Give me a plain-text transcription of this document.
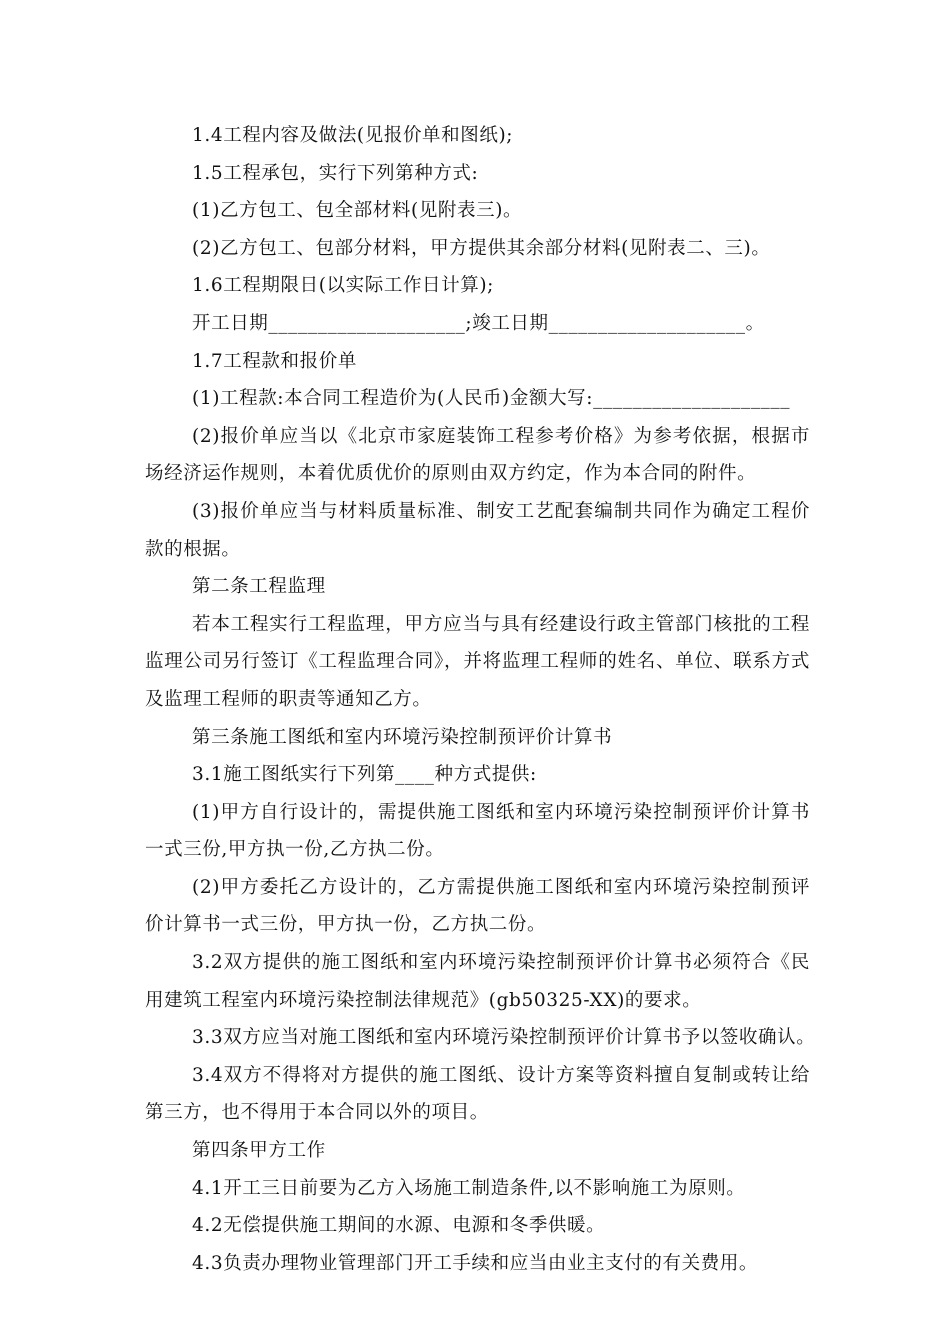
1.4工程内容及做法(见报价单和图纸);

1.5工程承包，实行下列第种方式:

(1)乙方包工、包全部材料(见附表三)。

(2)乙方包工、包部分材料，甲方提供其余部分材料(见附表二、三)。

1.6工程期限日(以实际工作日计算);

开工日期____________________;竣工日期____________________。

1.7工程款和报价单

(1)工程款:本合同工程造价为(人民币)金额大写:____________________

(2)报价单应当以《北京市家庭装饰工程参考价格》为参考依据，根据市场经济运作规则，本着优质优价的原则由双方约定，作为本合同的附件。

(3)报价单应当与材料质量标准、制安工艺配套编制共同作为确定工程价款的根据。

第二条工程监理

若本工程实行工程监理，甲方应当与具有经建设行政主管部门核批的工程监理公司另行签订《工程监理合同》，并将监理工程师的姓名、单位、联系方式及监理工程师的职责等通知乙方。

第三条施工图纸和室内环境污染控制预评价计算书

3.1施工图纸实行下列第____种方式提供:

(1)甲方自行设计的，需提供施工图纸和室内环境污染控制预评价计算书一式三份,甲方执一份,乙方执二份。

(2)甲方委托乙方设计的，乙方需提供施工图纸和室内环境污染控制预评价计算书一式三份，甲方执一份，乙方执二份。

3.2双方提供的施工图纸和室内环境污染控制预评价计算书必须符合《民用建筑工程室内环境污染控制法律规范》(gb50325-XX)的要求。

3.3双方应当对施工图纸和室内环境污染控制预评价计算书予以签收确认。

3.4双方不得将对方提供的施工图纸、设计方案等资料擅自复制或转让给第三方，也不得用于本合同以外的项目。

第四条甲方工作

4.1开工三日前要为乙方入场施工制造条件,以不影响施工为原则。

4.2无偿提供施工期间的水源、电源和冬季供暖。

4.3负责办理物业管理部门开工手续和应当由业主支付的有关费用。
